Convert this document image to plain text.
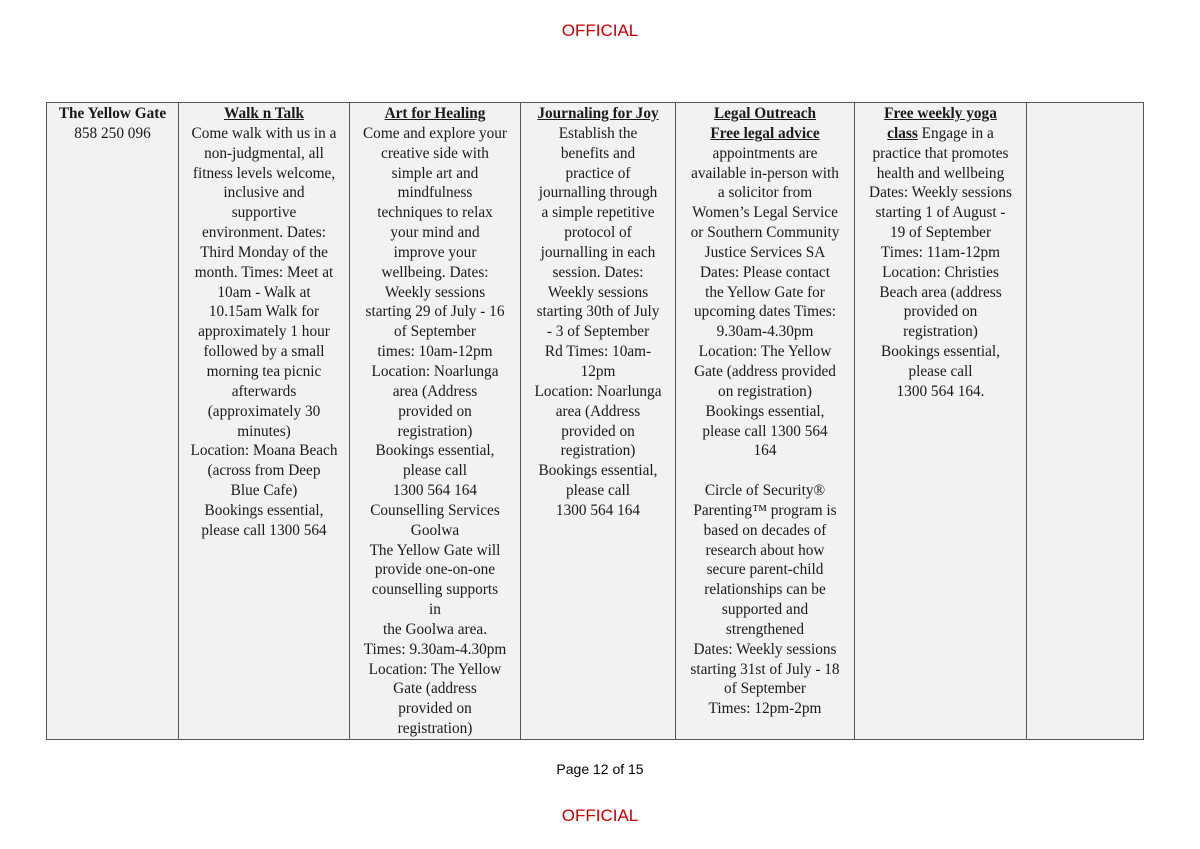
OFFICIAL
The Yellow Gate
858 250 096

Walk n Talk
Come walk with us in a
non-judgmental, all
fitness levels welcome,
inclusive and
supportive
environment. Dates:
Third Monday of the
month. Times: Meet at
10am - Walk at
10.15am Walk for
approximately 1 hour
followed by a small
morning tea picnic
afterwards
(approximately 30
minutes)
Location: Moana Beach
(across from Deep
Blue Cafe)
Bookings essential,
please call 1300 564

Art for Healing
Come and explore your
creative side with
simple art and
mindfulness
techniques to relax
your mind and
improve your
wellbeing. Dates:
Weekly sessions
starting 29 of July - 16
of September
times: 10am-12pm
Location: Noarlunga
area (Address
provided on
registration)
Bookings essential,
please call
1300 564 164
Counselling Services
Goolwa
The Yellow Gate will
provide one-on-one
counselling supports
in
the Goolwa area.
Times: 9.30am-4.30pm
Location: The Yellow
Gate (address
provided on
registration)

Journaling for Joy
Establish the
benefits and
practice of
journalling through
a simple repetitive
protocol of
journalling in each
session. Dates:
Weekly sessions
starting 30th of July
- 3 of September
Rd Times: 10am-
12pm
Location: Noarlunga
area (Address
provided on
registration)
Bookings essential,
please call
1300 564 164

Legal Outreach
Free legal advice
appointments are
available in-person with
a solicitor from
Women’s Legal Service
or Southern Community
Justice Services SA
Dates: Please contact
the Yellow Gate for
upcoming dates Times:
9.30am-4.30pm
Location: The Yellow
Gate (address provided
on registration)
Bookings essential,
please call 1300 564
164
Circle of Security®
Parenting™ program is
based on decades of
research about how
secure parent-child
relationships can be
supported and
strengthened
Dates: Weekly sessions
starting 31st of July - 18
of September
Times: 12pm-2pm

Free weekly yoga
class Engage in a
practice that promotes
health and wellbeing
Dates: Weekly sessions
starting 1 of August -
19 of September
Times: 11am-12pm
Location: Christies
Beach area (address
provided on
registration)
Bookings essential,
please call
1300 564 164.

Page 12 of 15
OFFICIAL
